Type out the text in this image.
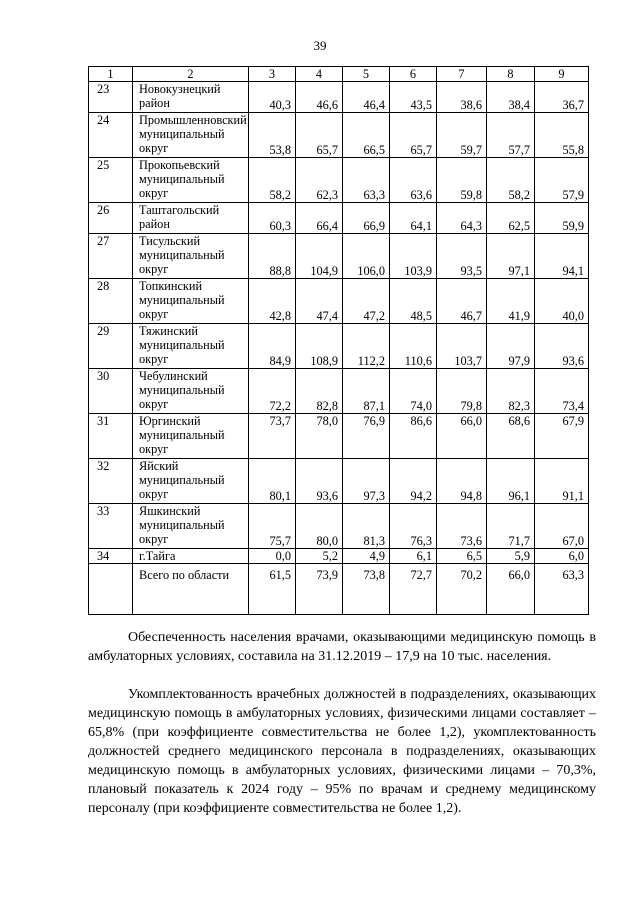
39
1	2	3	4	5	6	7	8	9
23	Новокузнецкий район	40,3	46,6	46,4	43,5	38,6	38,4	36,7
24	Промышленновский муниципальный округ	53,8	65,7	66,5	65,7	59,7	57,7	55,8
25	Прокопьевский муниципальный округ	58,2	62,3	63,3	63,6	59,8	58,2	57,9
26	Таштагольский район	60,3	66,4	66,9	64,1	64,3	62,5	59,9
27	Тисульский муниципальный округ	88,8	104,9	106,0	103,9	93,5	97,1	94,1
28	Топкинский муниципальный округ	42,8	47,4	47,2	48,5	46,7	41,9	40,0
29	Тяжинский муниципальный округ	84,9	108,9	112,2	110,6	103,7	97,9	93,6
30	Чебулинский муниципальный округ	72,2	82,8	87,1	74,0	79,8	82,3	73,4
31	Юргинский муниципальный округ	73,7	78,0	76,9	86,6	66,0	68,6	67,9
32	Яйский муниципальный округ	80,1	93,6	97,3	94,2	94,8	96,1	91,1
33	Яшкинский муниципальный округ	75,7	80,0	81,3	76,3	73,6	71,7	67,0
34	г.Тайга	0,0	5,2	4,9	6,1	6,5	5,9	6,0
	Всего по области	61,5	73,9	73,8	72,7	70,2	66,0	63,3

Обеспеченность населения врачами, оказывающими медицинскую помощь в амбулаторных условиях, составила на 31.12.2019 – 17,9 на 10 тыс. населения.

Укомплектованность врачебных должностей в подразделениях, оказывающих медицинскую помощь в амбулаторных условиях, физическими лицами составляет – 65,8% (при коэффициенте совместительства не более 1,2), укомплектованность должностей среднего медицинского персонала в подразделениях, оказывающих медицинскую помощь в амбулаторных условиях, физическими лицами – 70,3%, плановый показатель к 2024 году – 95% по врачам и среднему медицинскому персоналу (при коэффициенте совместительства не более 1,2).
